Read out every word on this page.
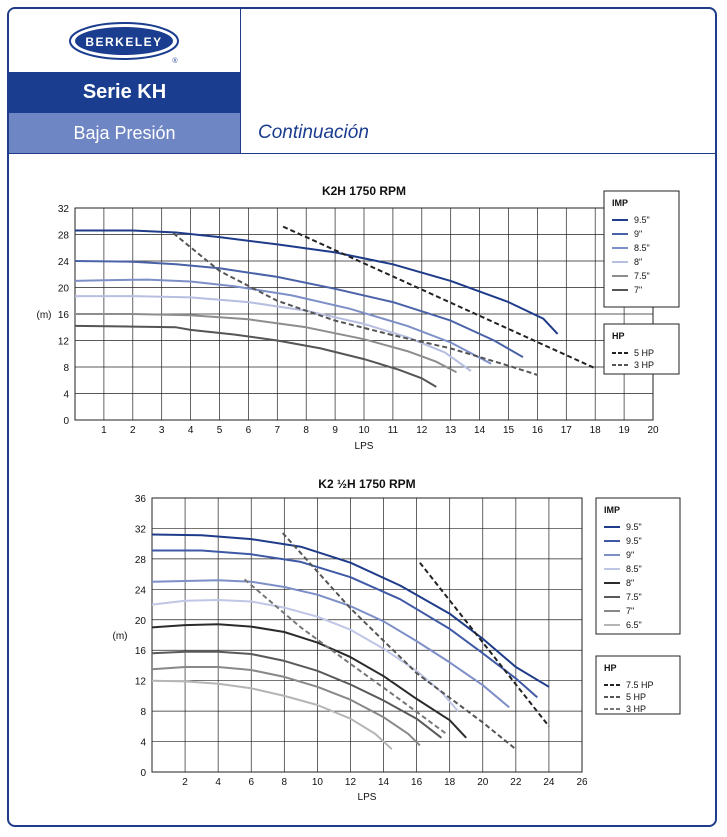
BERKELEY
®
Serie KH
Baja Presión	Continuación
K2H 1750 RPM
1 2 3 4 5 6 7 8 9 10 11 12 13 14 15 16 17 18 19 20
0
4
8
12
16
20
24
28
32
LPS
(m)
IMP
HP
9.5"
9"
8.5"
8"
7.5"
7"
5 HP
3 HP
K2 ½H 1750 RPM
2	4	6	8 10 12 14 16 18 20 22 24 26
0
4
8
12
16
20
24
28
32
36
LPS
(m)
IMP
HP
9.5"
9.5"
9"
8.5"
8"
7.5"
7"
6.5"
7.5 HP
5 HP
3 HP
